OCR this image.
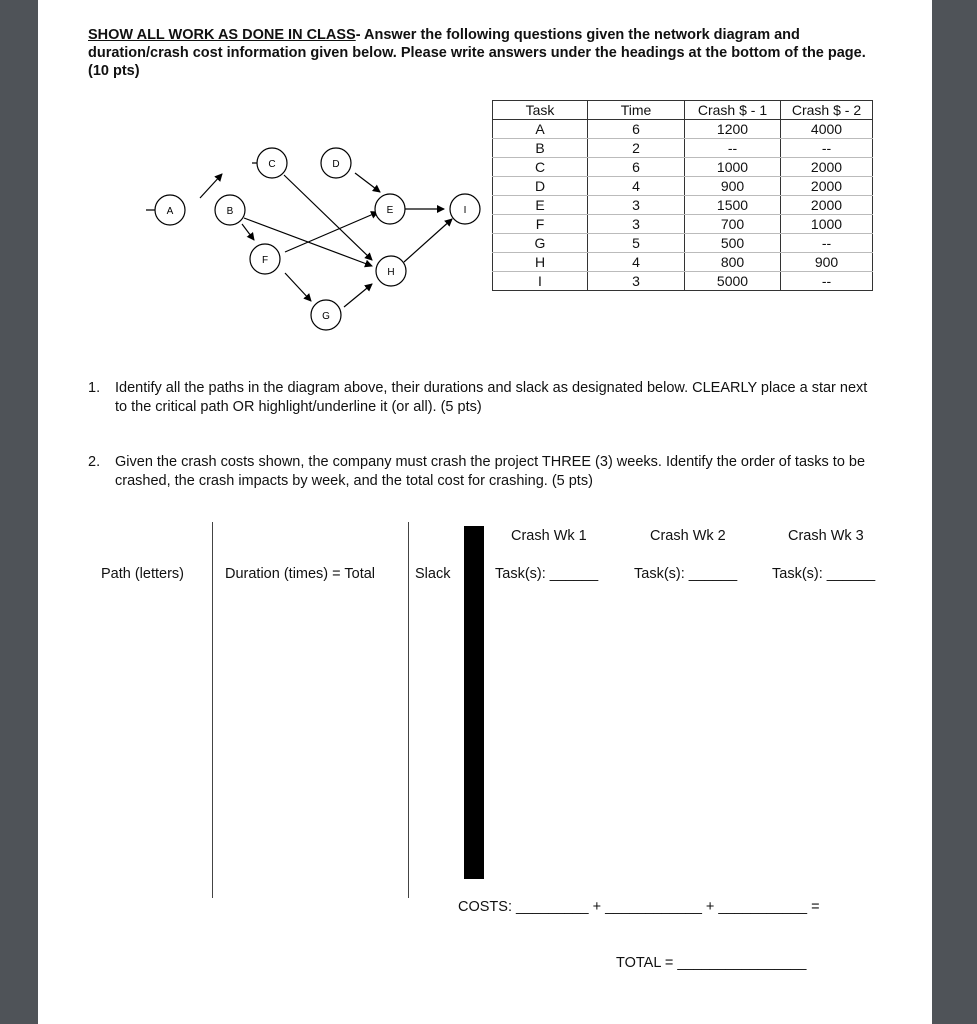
SHOW ALL WORK AS DONE IN CLASS- Answer the following questions given the network diagram and duration/crash cost information given below. Please write answers under the headings at the bottom of the page. (10 pts)
A	B
C	D
E
F
G
H
I
Task	Time	Crash $ - 1	Crash $ - 2
A	6	1200	4000
B	2	--	--
C	6	1000	2000
D	4	900	2000
E	3	1500	2000
F	3	700	1000
G	5	500	--
H	4	800	900
I	3	5000	--
1. Identify all the paths in the diagram above, their durations and slack as designated below. CLEARLY place a star next to the critical path OR highlight/underline it (or all). (5 pts)
2. Given the crash costs shown, the company must crash the project THREE (3) weeks. Identify the order of tasks to be crashed, the crash impacts by week, and the total cost for crashing. (5 pts)
Path (letters)	Duration (times) = Total	Slack
Crash Wk 1	Crash Wk 2	Crash Wk 3
Task(s): ______ Task(s): ______ Task(s): ______
COSTS: _________ + ____________ + ___________ =
TOTAL = ________________
